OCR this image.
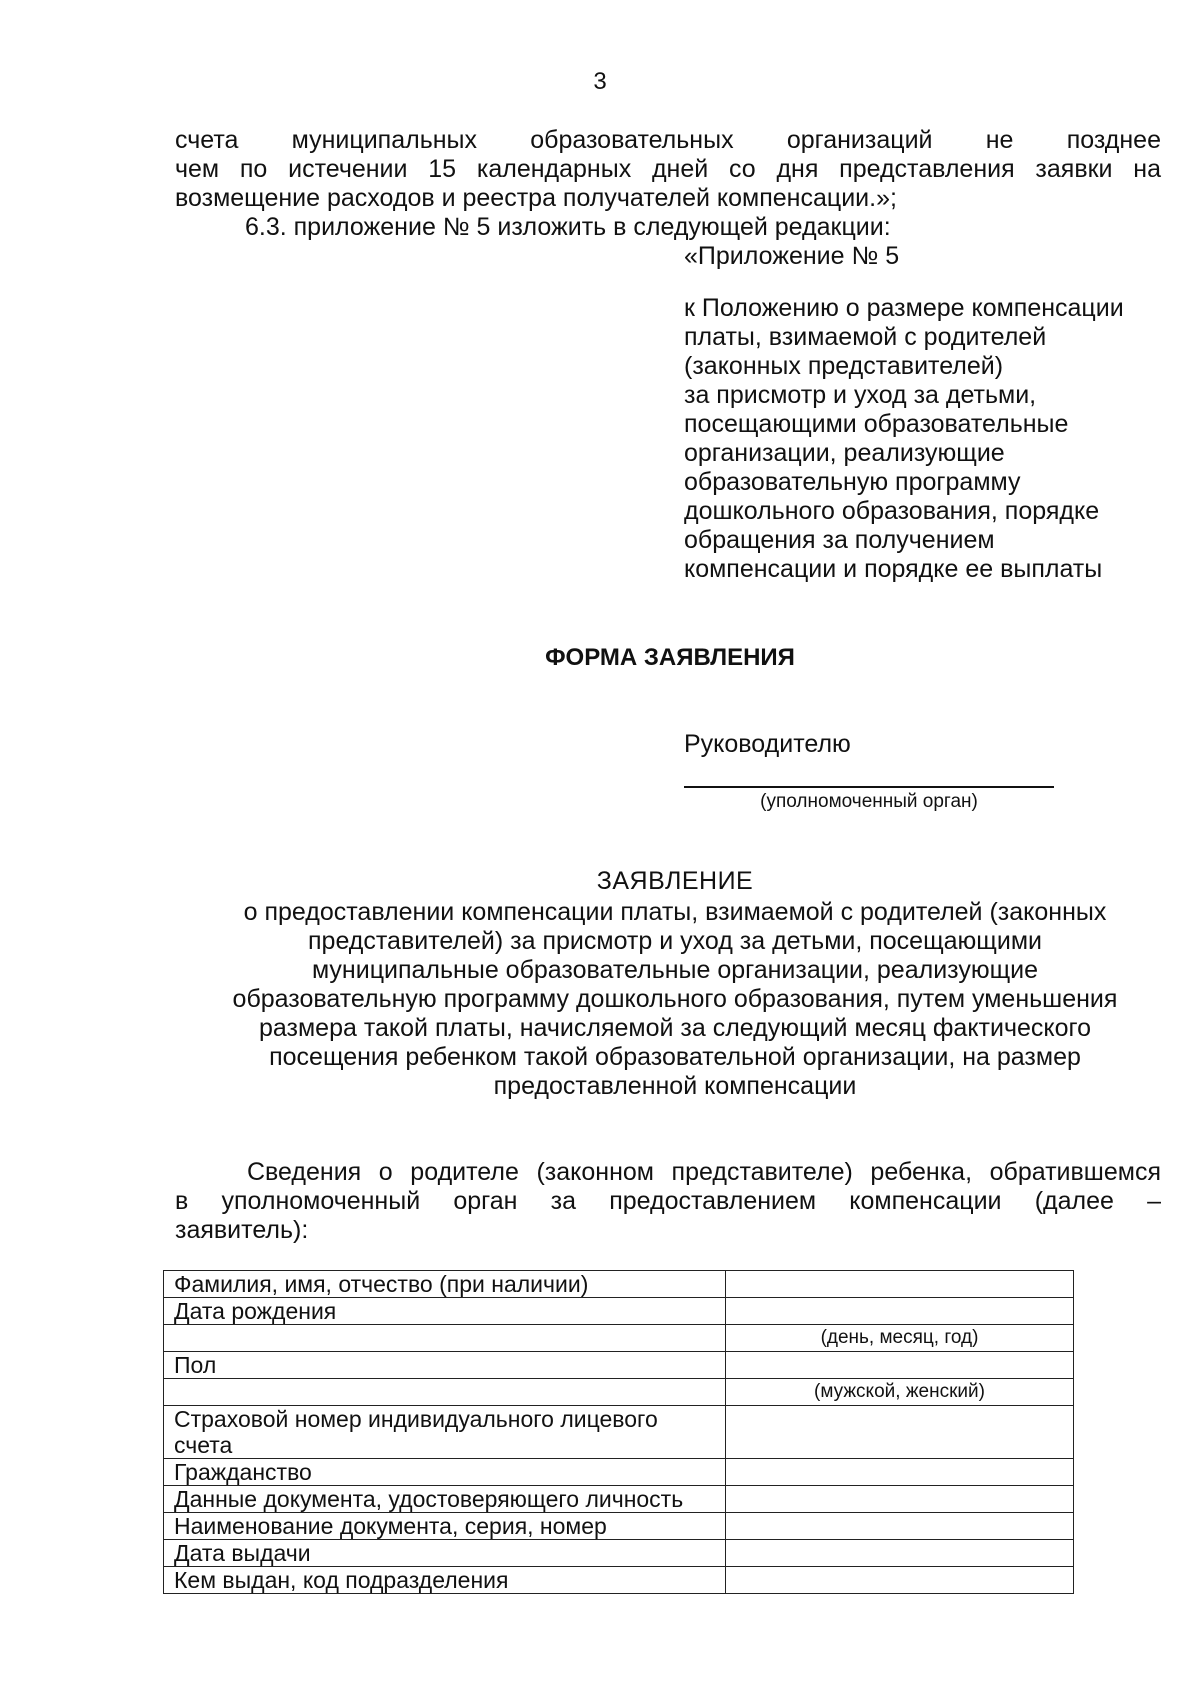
3
счета муниципальных образовательных организаций не позднее
чем по истечении 15 календарных дней со дня представления заявки на
возмещение расходов и реестра получателей компенсации.»;
6.3. приложение № 5 изложить в следующей редакции:
«Приложение № 5
к Положению о размере компенсации
платы, взимаемой с родителей
(законных представителей)
за присмотр и уход за детьми,
посещающими образовательные
организации, реализующие
образовательную программу
дошкольного образования, порядке
обращения за получением
компенсации и порядке ее выплаты
ФОРМА ЗАЯВЛЕНИЯ
Руководителю
(уполномоченный орган)
ЗАЯВЛЕНИЕ
о предоставлении компенсации платы, взимаемой с родителей (законных
представителей) за присмотр и уход за детьми, посещающими
муниципальные образовательные организации, реализующие
образовательную программу дошкольного образования, путем уменьшения
размера такой платы, начисляемой за следующий месяц фактического
посещения ребенком такой образовательной организации, на размер
предоставленной компенсации
Сведения о родителе (законном представителе) ребенка, обратившемся
в уполномоченный орган за предоставлением компенсации (далее –
заявитель):
Фамилия, имя, отчество (при наличии)	
Дата рождения	
	(день, месяц, год)
Пол	
	(мужской, женский)
Страховой номер индивидуального лицевого счета	
Гражданство	
Данные документа, удостоверяющего личность	
Наименование документа, серия, номер	
Дата выдачи	
Кем выдан, код подразделения	
